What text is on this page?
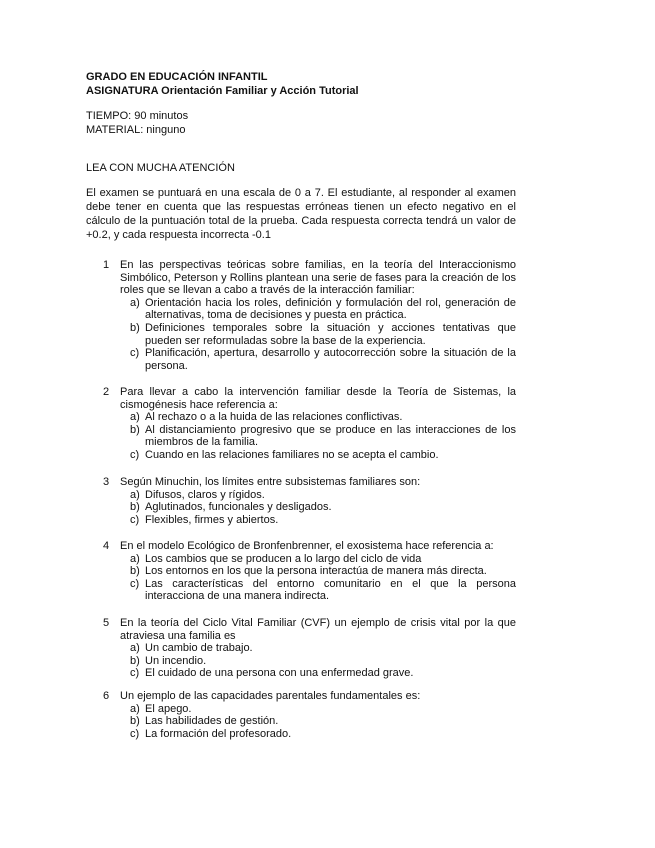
GRADO EN EDUCACIÓN INFANTIL
ASIGNATURA Orientación Familiar y Acción Tutorial
TIEMPO: 90 minutos
MATERIAL: ninguno
LEA CON MUCHA ATENCIÓN
El examen se puntuará en una escala de 0 a 7. El estudiante, al responder al examen debe tener en cuenta que las respuestas erróneas tienen un efecto negativo en el cálculo de la puntuación total de la prueba. Cada respuesta correcta tendrá un valor de +0.2, y cada respuesta incorrecta -0.1
1 En las perspectivas teóricas sobre familias, en la teoría del Interaccionismo Simbólico, Peterson y Rollins plantean una serie de fases para la creación de los roles que se llevan a cabo a través de la interacción familiar:
a) Orientación hacia los roles, definición y formulación del rol, generación de alternativas, toma de decisiones y puesta en práctica.
b) Definiciones temporales sobre la situación y acciones tentativas que pueden ser reformuladas sobre la base de la experiencia.
c) Planificación, apertura, desarrollo y autocorrección sobre la situación de la persona.
2 Para llevar a cabo la intervención familiar desde la Teoría de Sistemas, la cismogénesis hace referencia a:
a) Al rechazo o a la huida de las relaciones conflictivas.
b) Al distanciamiento progresivo que se produce en las interacciones de los miembros de la familia.
c) Cuando en las relaciones familiares no se acepta el cambio.
3 Según Minuchin, los límites entre subsistemas familiares son:
a) Difusos, claros y rígidos.
b) Aglutinados, funcionales y desligados.
c) Flexibles, firmes y abiertos.
4 En el modelo Ecológico de Bronfenbrenner, el exosistema hace referencia a:
a) Los cambios que se producen a lo largo del ciclo de vida
b) Los entornos en los que la persona interactúa de manera más directa.
c) Las características del entorno comunitario en el que la persona interacciona de una manera indirecta.
5 En la teoría del Ciclo Vital Familiar (CVF) un ejemplo de crisis vital por la que atraviesa una familia es
a) Un cambio de trabajo.
b) Un incendio.
c) El cuidado de una persona con una enfermedad grave.
6 Un ejemplo de las capacidades parentales fundamentales es:
a) El apego.
b) Las habilidades de gestión.
c) La formación del profesorado.
